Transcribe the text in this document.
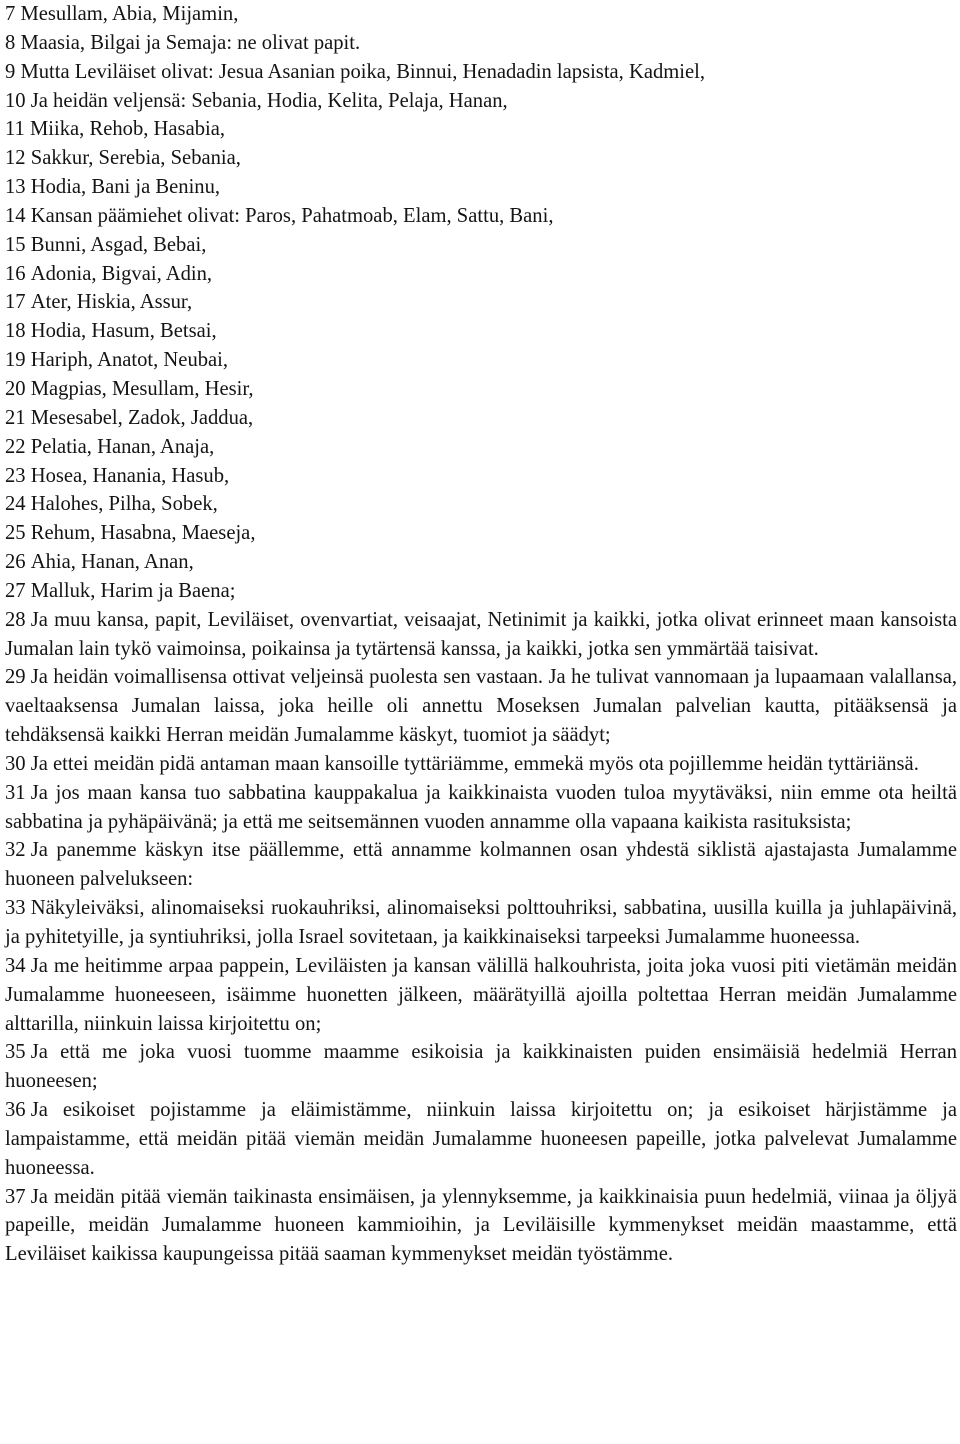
7 Mesullam, Abia, Mijamin,

8 Maasia, Bilgai ja Semaja: ne olivat papit.

9 Mutta Leviläiset olivat: Jesua Asanian poika, Binnui, Henadadin lapsista, Kadmiel,

10 Ja heidän veljensä: Sebania, Hodia, Kelita, Pelaja, Hanan,

11 Miika, Rehob, Hasabia,

12 Sakkur, Serebia, Sebania,

13 Hodia, Bani ja Beninu,

14 Kansan päämiehet olivat: Paros, Pahatmoab, Elam, Sattu, Bani,

15 Bunni, Asgad, Bebai,

16 Adonia, Bigvai, Adin,

17 Ater, Hiskia, Assur,

18 Hodia, Hasum, Betsai,

19 Hariph, Anatot, Neubai,

20 Magpias, Mesullam, Hesir,

21 Mesesabel, Zadok, Jaddua,

22 Pelatia, Hanan, Anaja,

23 Hosea, Hanania, Hasub,

24 Halohes, Pilha, Sobek,

25 Rehum, Hasabna, Maeseja,

26 Ahia, Hanan, Anan,

27 Malluk, Harim ja Baena;

28 Ja muu kansa, papit, Leviläiset, ovenvartiat, veisaajat, Netinimit ja kaikki, jotka olivat erinneet maan kansoista Jumalan lain tykö vaimoinsa, poikainsa ja tytärtensä kanssa, ja kaikki, jotka sen ymmärtää taisivat.

29 Ja heidän voimallisensa ottivat veljeinsä puolesta sen vastaan. Ja he tulivat vannomaan ja lupaamaan valallansa, vaeltaaksensa Jumalan laissa, joka heille oli annettu Moseksen Jumalan palvelian kautta, pitääksensä ja tehdäksensä kaikki Herran meidän Jumalamme käskyt, tuomiot ja säädyt;

30 Ja ettei meidän pidä antaman maan kansoille tyttäriämme, emmekä myös ota pojillemme heidän tyttäriänsä.

31 Ja jos maan kansa tuo sabbatina kauppakalua ja kaikkinaista vuoden tuloa myytäväksi, niin emme ota heiltä sabbatina ja pyhäpäivänä; ja että me seitsemännen vuoden annamme olla vapaana kaikista rasituksista;

32 Ja panemme käskyn itse päällemme, että annamme kolmannen osan yhdestä siklistä ajastajasta Jumalamme huoneen palvelukseen:

33 Näkyleiväksi, alinomaiseksi ruokauhriksi, alinomaiseksi polttouhriksi, sabbatina, uusilla kuilla ja juhlapäivinä, ja pyhitetyille, ja syntiuhriksi, jolla Israel sovitetaan, ja kaikkinaiseksi tarpeeksi Jumalamme huoneessa.

34 Ja me heitimme arpaa pappein, Leviläisten ja kansan välillä halkouhrista, joita joka vuosi piti vietämän meidän Jumalamme huoneeseen, isäimme huonetten jälkeen, määrätyillä ajoilla poltettaa Herran meidän Jumalamme alttarilla, niinkuin laissa kirjoitettu on;

35 Ja että me joka vuosi tuomme maamme esikoisia ja kaikkinaisten puiden ensimäisiä hedelmiä Herran huoneesen;

36 Ja esikoiset pojistamme ja eläimistämme, niinkuin laissa kirjoitettu on; ja esikoiset härjistämme ja lampaistamme, että meidän pitää viemän meidän Jumalamme huoneesen papeille, jotka palvelevat Jumalamme huoneessa.

37 Ja meidän pitää viemän taikinasta ensimäisen, ja ylennyksemme, ja kaikkinaisia puun hedelmiä, viinaa ja öljyä papeille, meidän Jumalamme huoneen kammioihin, ja Leviläisille kymmenykset meidän maastamme, että Leviläiset kaikissa kaupungeissa pitää saaman kymmenykset meidän työstämme.
